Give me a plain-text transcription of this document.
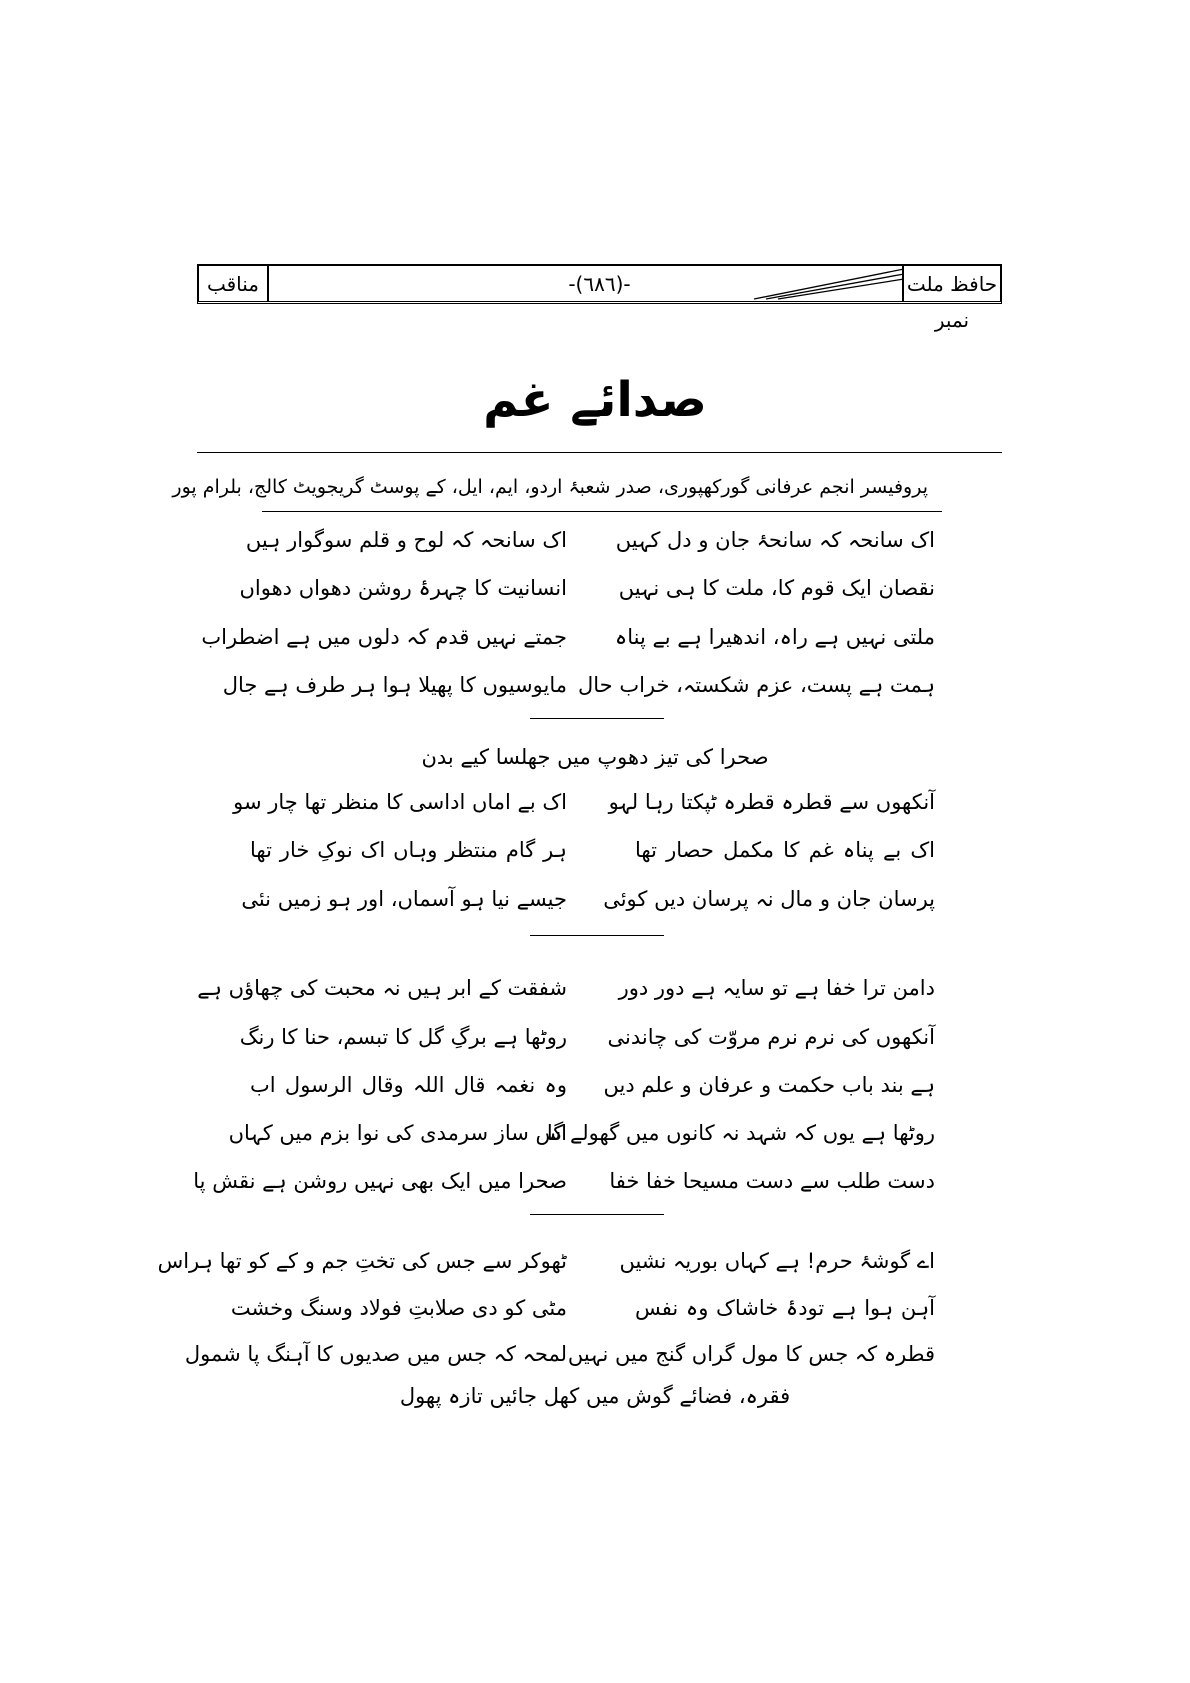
مناقب	-(٦٨٦)-	حافظ ملت نمبر
صدائے غم
پروفیسر انجم عرفانی گورکھپوری، صدر شعبۂ اردو، ایم، ایل، کے پوسٹ گریجویٹ کالج، بلرام پور
اک سانحہ کہ سانحۂ جان و دل کہیں
اک سانحہ کہ لوح و قلم سوگوار ہیں
نقصان ایک قوم کا، ملت کا ہی نہیں
انسانیت کا چہرۂ روشن دھواں دھواں
ملتی نہیں ہے راہ، اندھیرا ہے بے پناہ
جمتے نہیں قدم کہ دلوں میں ہے اضطراب
ہمت ہے پست، عزم شکستہ، خراب حال
مایوسیوں کا پھیلا ہوا ہر طرف ہے جال
صحرا کی تیز دھوپ میں جھلسا کیے بدن
آنکھوں سے قطرہ قطرہ ٹپکتا رہا لہو
اک بے اماں اداسی کا منظر تھا چار سو
اک بے پناہ غم کا مکمل حصار تھا
ہر گام منتظر وہاں اک نوکِ خار تھا
پرسان جان و مال نہ پرسان دیں کوئی
جیسے نیا ہو آسماں، اور ہو زمیں نئی
دامن ترا خفا ہے تو سایہ ہے دور دور
شفقت کے ابر ہیں نہ محبت کی چھاؤں ہے
آنکھوں کی نرم نرم مروّت کی چاندنی
روٹھا ہے برگِ گل کا تبسم، حنا کا رنگ
ہے بند باب حکمت و عرفان و علم دیں
وہ نغمہ قال اللہ وقال الرسول اب
روٹھا ہے یوں کہ شہد نہ کانوں میں گھولے گا
اس ساز سرمدی کی نوا بزم میں کہاں
دست طلب سے دست مسیحا خفا خفا
صحرا میں ایک بھی نہیں روشن ہے نقش پا
اے گوشۂ حرم! ہے کہاں بوریہ نشیں
ٹھوکر سے جس کی تختِ جم و کے کو تھا ہراس
آہن ہوا ہے تودۂ خاشاک وہ نفس
مٹی کو دی صلابتِ فولاد وسنگ وخشت
قطرہ کہ جس کا مول گراں گنج میں نہیں
لمحہ کہ جس میں صدیوں کا آہنگ پا شمول
فقرہ، فضائے گوش میں کھل جائیں تازہ پھول
